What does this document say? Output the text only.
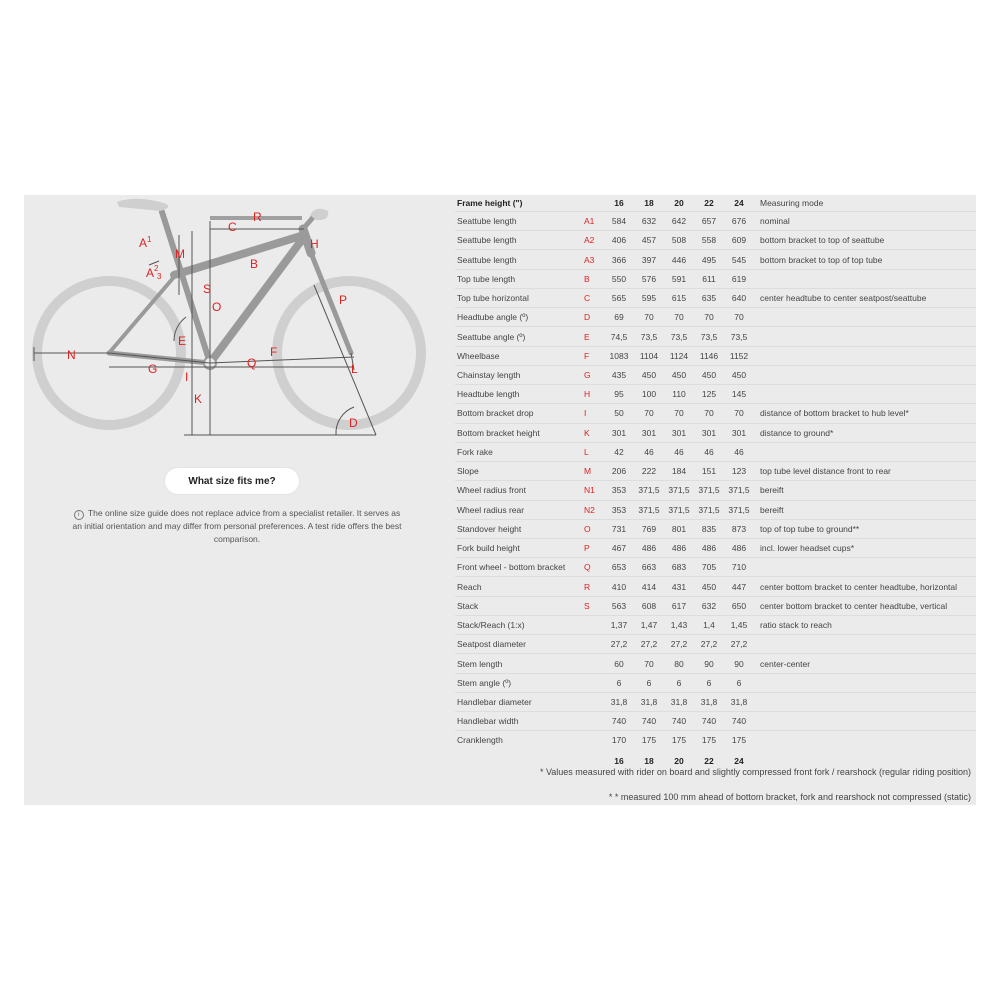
$A^1$
$A^2$
3
M
C
R
H
B
S
O	P
E
N	F
G	Q	L
I
K
D
What size fits me?

i The online size guide does not replace advice from a specialist retailer. It serves as an initial orientation and may differ from personal preferences. A test ride offers the best comparison.

Frame height (")		16	18	20	22	24	Measuring mode
Seattube length	A1	584	632	642	657	676	nominal
Seattube length	A2	406	457	508	558	609	bottom bracket to top of seattube
Seattube length	A3	366	397	446	495	545	bottom bracket to top of top tube
Top tube length	B	550	576	591	611	619	
Top tube horizontal	C	565	595	615	635	640	center headtube to center seatpost/seattube
Headtube angle (º)	D	69	70	70	70	70	
Seattube angle (º)	E	74,5	73,5	73,5	73,5	73,5	
Wheelbase	F	1083	1104	1124	1146	1152	
Chainstay length	G	435	450	450	450	450	
Headtube length	H	95	100	110	125	145	
Bottom bracket drop	I	50	70	70	70	70	distance of bottom bracket to hub level*
Bottom bracket height	K	301	301	301	301	301	distance to ground*
Fork rake	L	42	46	46	46	46	
Slope	M	206	222	184	151	123	top tube level distance front to rear
Wheel radius front	N1	353	371,5	371,5	371,5	371,5	bereift
Wheel radius rear	N2	353	371,5	371,5	371,5	371,5	bereift
Standover height	O	731	769	801	835	873	top of top tube to ground**
Fork build height	P	467	486	486	486	486	incl. lower headset cups*
Front wheel - bottom bracket	Q	653	663	683	705	710	
Reach	R	410	414	431	450	447	center bottom bracket to center headtube, horizontal
Stack	S	563	608	617	632	650	center bottom bracket to center headtube, vertical
Stack/Reach (1:x)		1,37	1,47	1,43	1,4	1,45	ratio stack to reach
Seatpost diameter		27,2	27,2	27,2	27,2	27,2	
Stem length		60	70	80	90	90	center-center
Stem angle (º)		6	6	6	6	6	
Handlebar diameter		31,8	31,8	31,8	31,8	31,8	
Handlebar width		740	740	740	740	740	
Cranklength		170	175	175	175	175	
		16	18	20	22	24	

* Values measured with rider on board and slightly compressed front fork / rearshock (regular riding position)

* * measured 100 mm ahead of bottom bracket, fork and rearshock not compressed (static)
